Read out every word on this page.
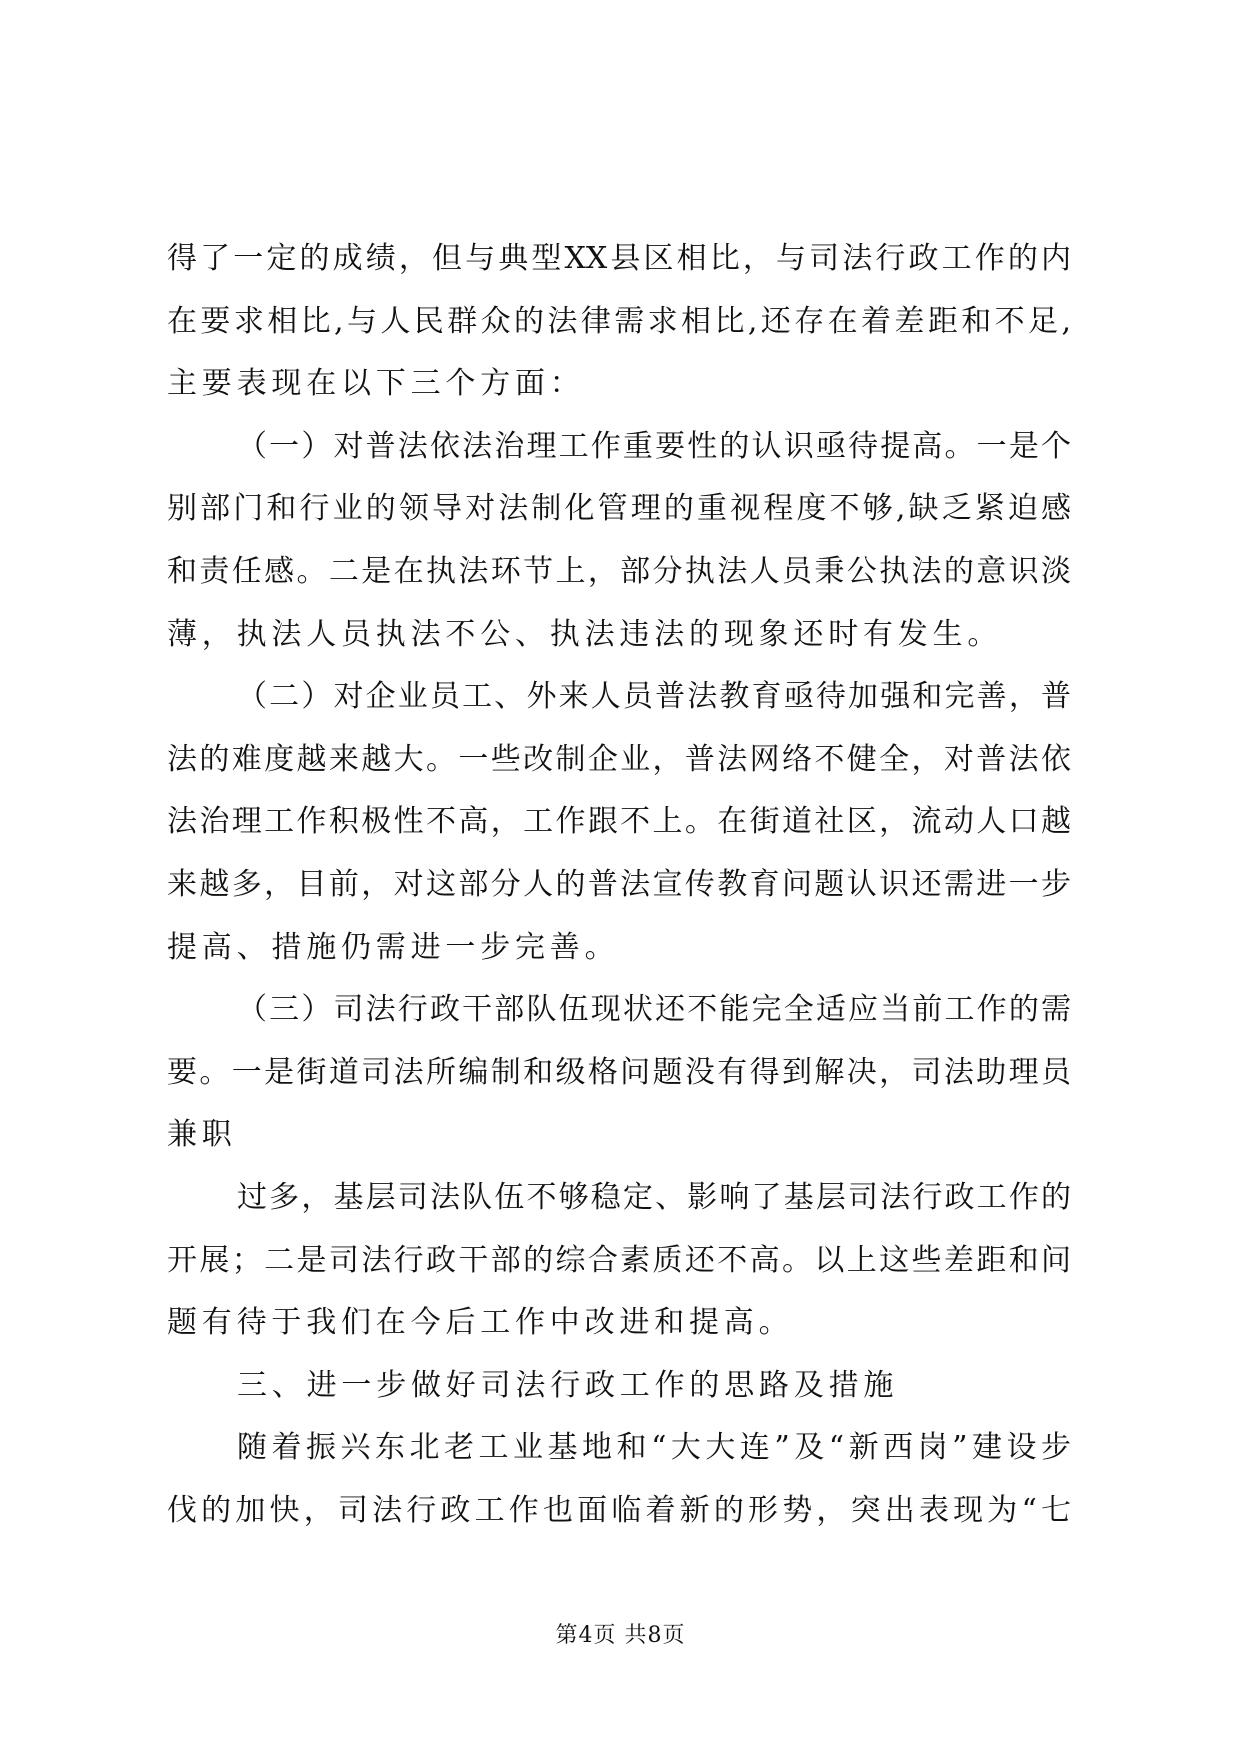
得了一定的成绩，但与典型XX县区相比，与司法行政工作的内
在要求相比,与人民群众的法律需求相比,还存在着差距和不足,
主要表现在以下三个方面：
（一）对普法依法治理工作重要性的认识亟待提高。一是个
别部门和行业的领导对法制化管理的重视程度不够,缺乏紧迫感
和责任感。二是在执法环节上，部分执法人员秉公执法的意识淡
薄，执法人员执法不公、执法违法的现象还时有发生。
（二）对企业员工、外来人员普法教育亟待加强和完善，普
法的难度越来越大。一些改制企业，普法网络不健全，对普法依
法治理工作积极性不高，工作跟不上。在街道社区，流动人口越
来越多，目前，对这部分人的普法宣传教育问题认识还需进一步
提高、措施仍需进一步完善。
（三）司法行政干部队伍现状还不能完全适应当前工作的需
要。一是街道司法所编制和级格问题没有得到解决，司法助理员
兼职
过多，基层司法队伍不够稳定、影响了基层司法行政工作的
开展；二是司法行政干部的综合素质还不高。以上这些差距和问
题有待于我们在今后工作中改进和提高。
三、进一步做好司法行政工作的思路及措施
随着振兴东北老工业基地和“大大连”及“新西岗”建设步
伐的加快，司法行政工作也面临着新的形势，突出表现为“七
第4页 共8页
